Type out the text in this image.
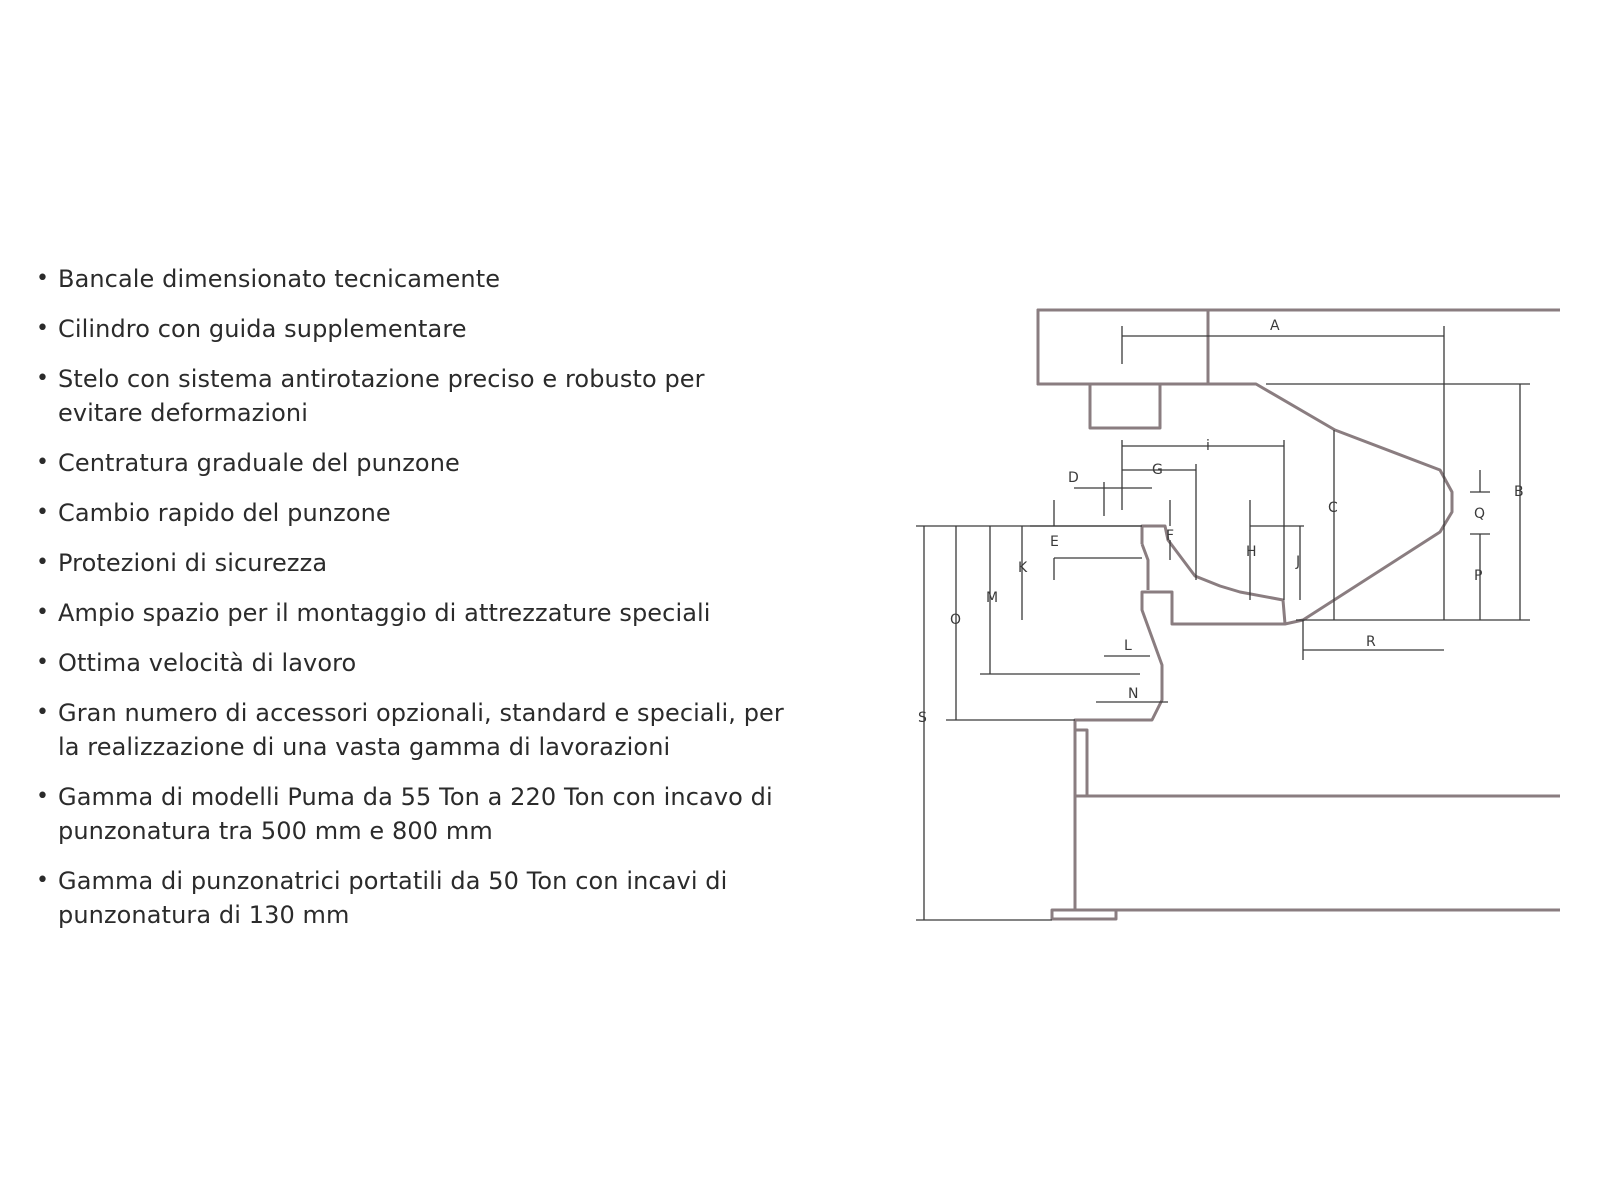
• Bancale dimensionato tecnicamente
• Cilindro con guida supplementare
• Stelo con sistema antirotazione preciso e robusto per evitare deformazioni
• Centratura graduale del punzone
• Cambio rapido del punzone
• Protezioni di sicurezza
• Ampio spazio per il montaggio di attrezzature speciali
• Ottima velocità di lavoro
• Gran numero di accessori opzionali, standard e speciali, per la realizzazione di una vasta gamma di lavorazioni
• Gamma di modelli Puma da 55 Ton a 220 Ton con incavo di punzonatura tra 500 mm e 800 mm
• Gamma di punzonatrici portatili da 50 Ton con incavi di punzonatura di 130 mm
A
B
C	Q
P
R
i
G
D
E
K
F
H
J
M
L
N
O
S
